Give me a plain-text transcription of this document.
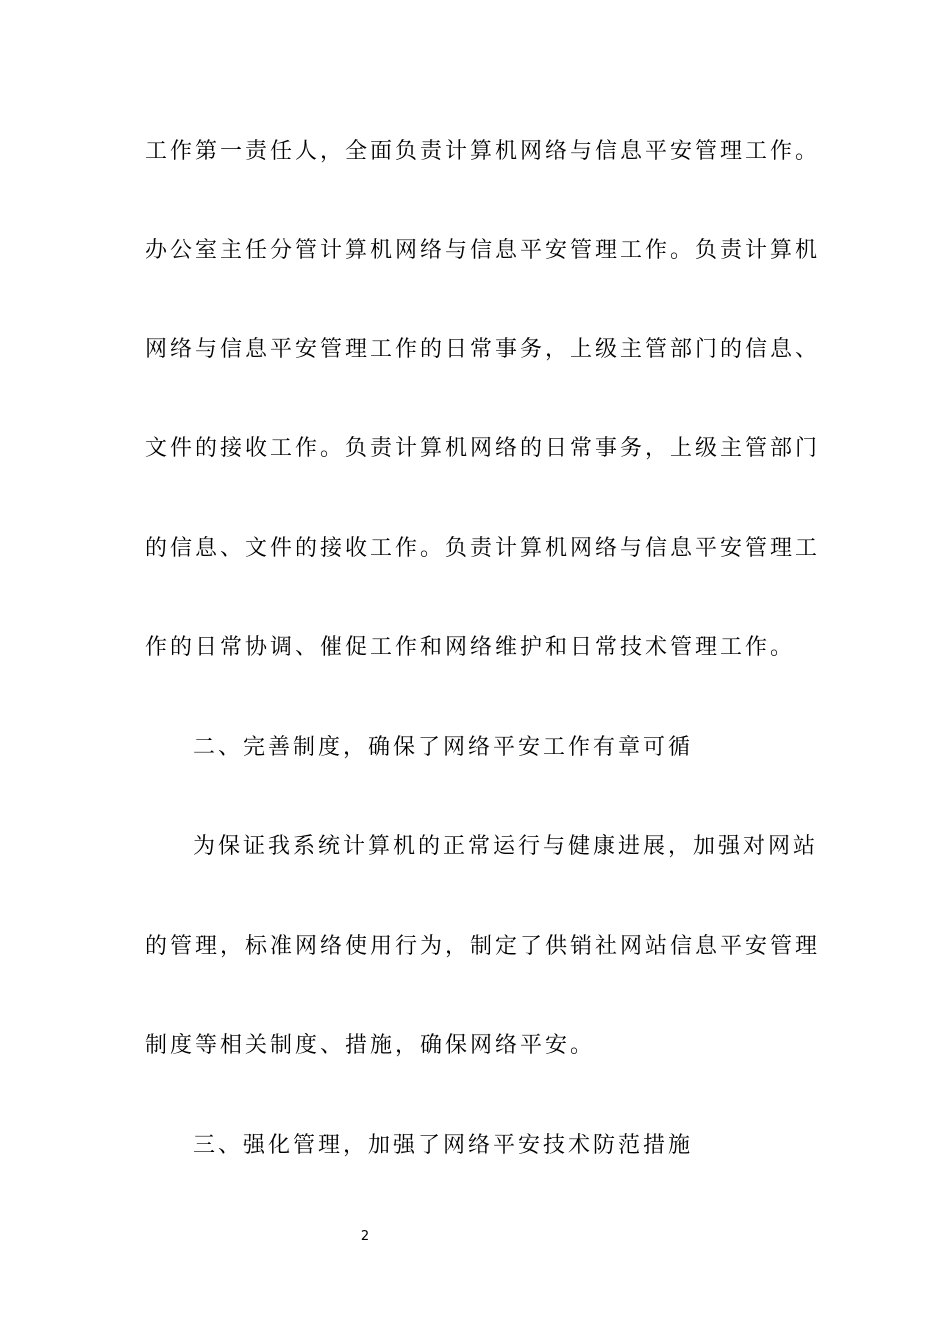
工作第一责任人，全面负责计算机网络与信息平安管理工作。
办公室主任分管计算机网络与信息平安管理工作。负责计算机
网络与信息平安管理工作的日常事务，上级主管部门的信息、
文件的接收工作。负责计算机网络的日常事务，上级主管部门
的信息、文件的接收工作。负责计算机网络与信息平安管理工
作的日常协调、催促工作和网络维护和日常技术管理工作。
二、完善制度，确保了网络平安工作有章可循
为保证我系统计算机的正常运行与健康进展，加强对网站
的管理，标准网络使用行为，制定了供销社网站信息平安管理
制度等相关制度、措施，确保网络平安。
三、强化管理，加强了网络平安技术防范措施
2
